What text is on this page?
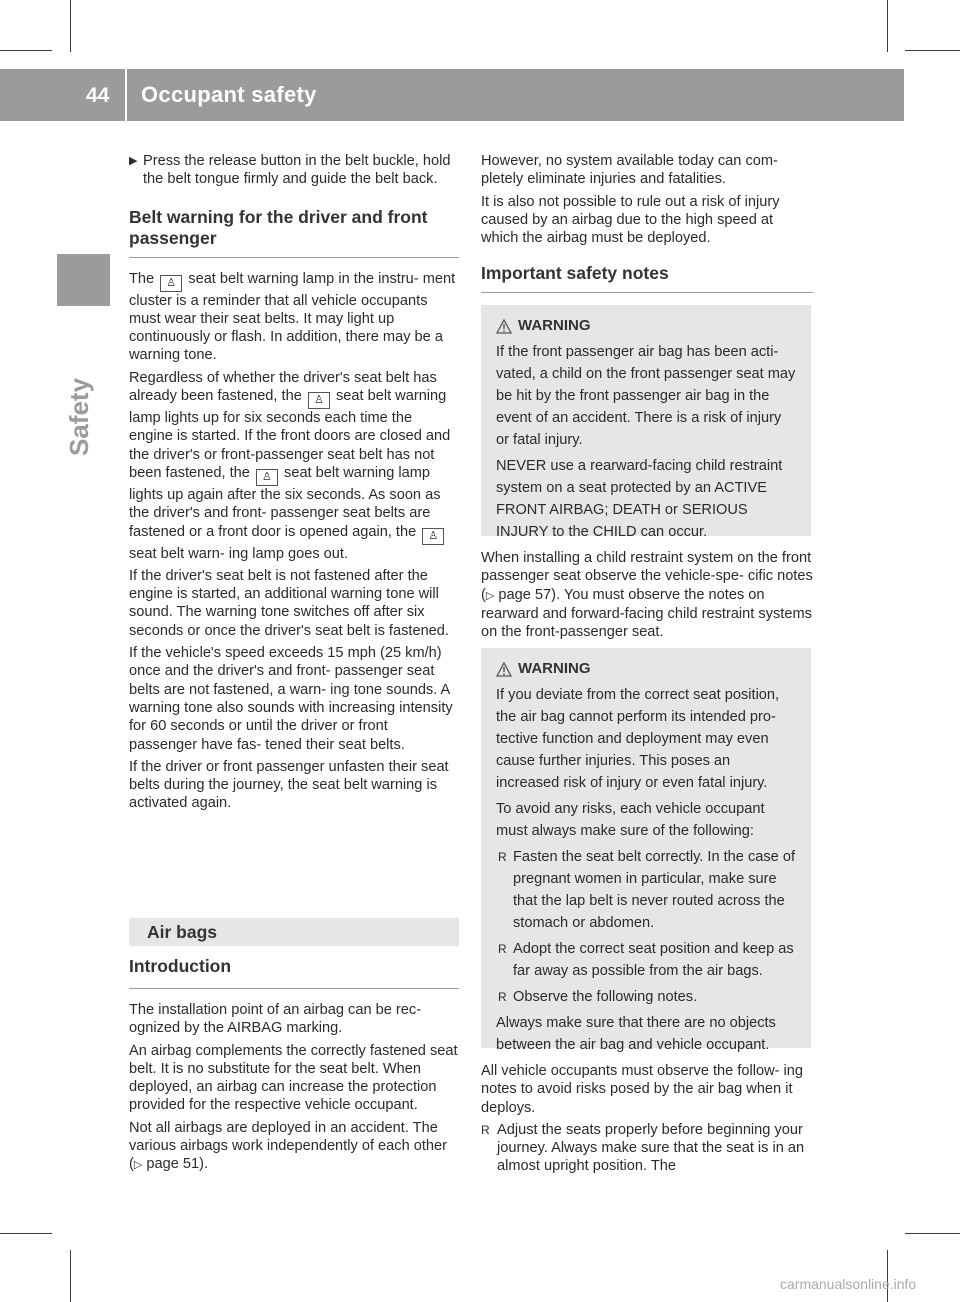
44 Occupant safety
Safety

▶ Press the release button in the belt buckle, hold the belt tongue firmly and guide the belt back.

Belt warning for the driver and front passenger

The ♙ seat belt warning lamp in the instru- ment cluster is a reminder that all vehicle occupants must wear their seat belts. It may light up continuously or flash. In addition, there may be a warning tone.

Regardless of whether the driver's seat belt has already been fastened, the ♙ seat belt warning lamp lights up for six seconds each time the engine is started. If the front doors are closed and the driver's or front-passenger seat belt has not been fastened, the ♙ seat belt warning lamp lights up again after the six seconds. As soon as the driver's and front- passenger seat belts are fastened or a front door is opened again, the ♙ seat belt warn- ing lamp goes out.

If the driver's seat belt is not fastened after the engine is started, an additional warning tone will sound. The warning tone switches off after six seconds or once the driver's seat belt is fastened.

If the vehicle's speed exceeds 15 mph (25 km/h) once and the driver's and front- passenger seat belts are not fastened, a warn- ing tone sounds. A warning tone also sounds with increasing intensity for 60 seconds or until the driver or front passenger have fas- tened their seat belts.

If the driver or front passenger unfasten their seat belts during the journey, the seat belt warning is activated again.

Air bags
Introduction

The installation point of an airbag can be rec- ognized by the AIRBAG marking.

An airbag complements the correctly fastened seat belt. It is no substitute for the seat belt. When deployed, an airbag can increase the protection provided for the respective vehicle occupant.

Not all airbags are deployed in an accident. The various airbags work independently of each other (▷ page 51).

However, no system available today can com- pletely eliminate injuries and fatalities.

It is also not possible to rule out a risk of injury caused by an airbag due to the high speed at which the airbag must be deployed.

Important safety notes
WARNING

If the front passenger air bag has been acti- vated, a child on the front passenger seat may be hit by the front passenger air bag in the event of an accident. There is a risk of injury or fatal injury.

NEVER use a rearward-facing child restraint system on a seat protected by an ACTIVE FRONT AIRBAG; DEATH or SERIOUS INJURY to the CHILD can occur.

When installing a child restraint system on the front passenger seat observe the vehicle-spe- cific notes (▷ page 57). You must observe the notes on rearward and forward-facing child restraint systems on the front-passenger seat.

WARNING

If you deviate from the correct seat position, the air bag cannot perform its intended pro- tective function and deployment may even cause further injuries. This poses an increased risk of injury or even fatal injury.

To avoid any risks, each vehicle occupant must always make sure of the following:

R Fasten the seat belt correctly. In the case of pregnant women in particular, make sure that the lap belt is never routed across the stomach or abdomen.

R Adopt the correct seat position and keep as far away as possible from the air bags.

R Observe the following notes.

Always make sure that there are no objects between the air bag and vehicle occupant.

All vehicle occupants must observe the follow- ing notes to avoid risks posed by the air bag when it deploys.

R Adjust the seats properly before beginning your journey. Always make sure that the seat is in an almost upright position. The

carmanualsonline.info
